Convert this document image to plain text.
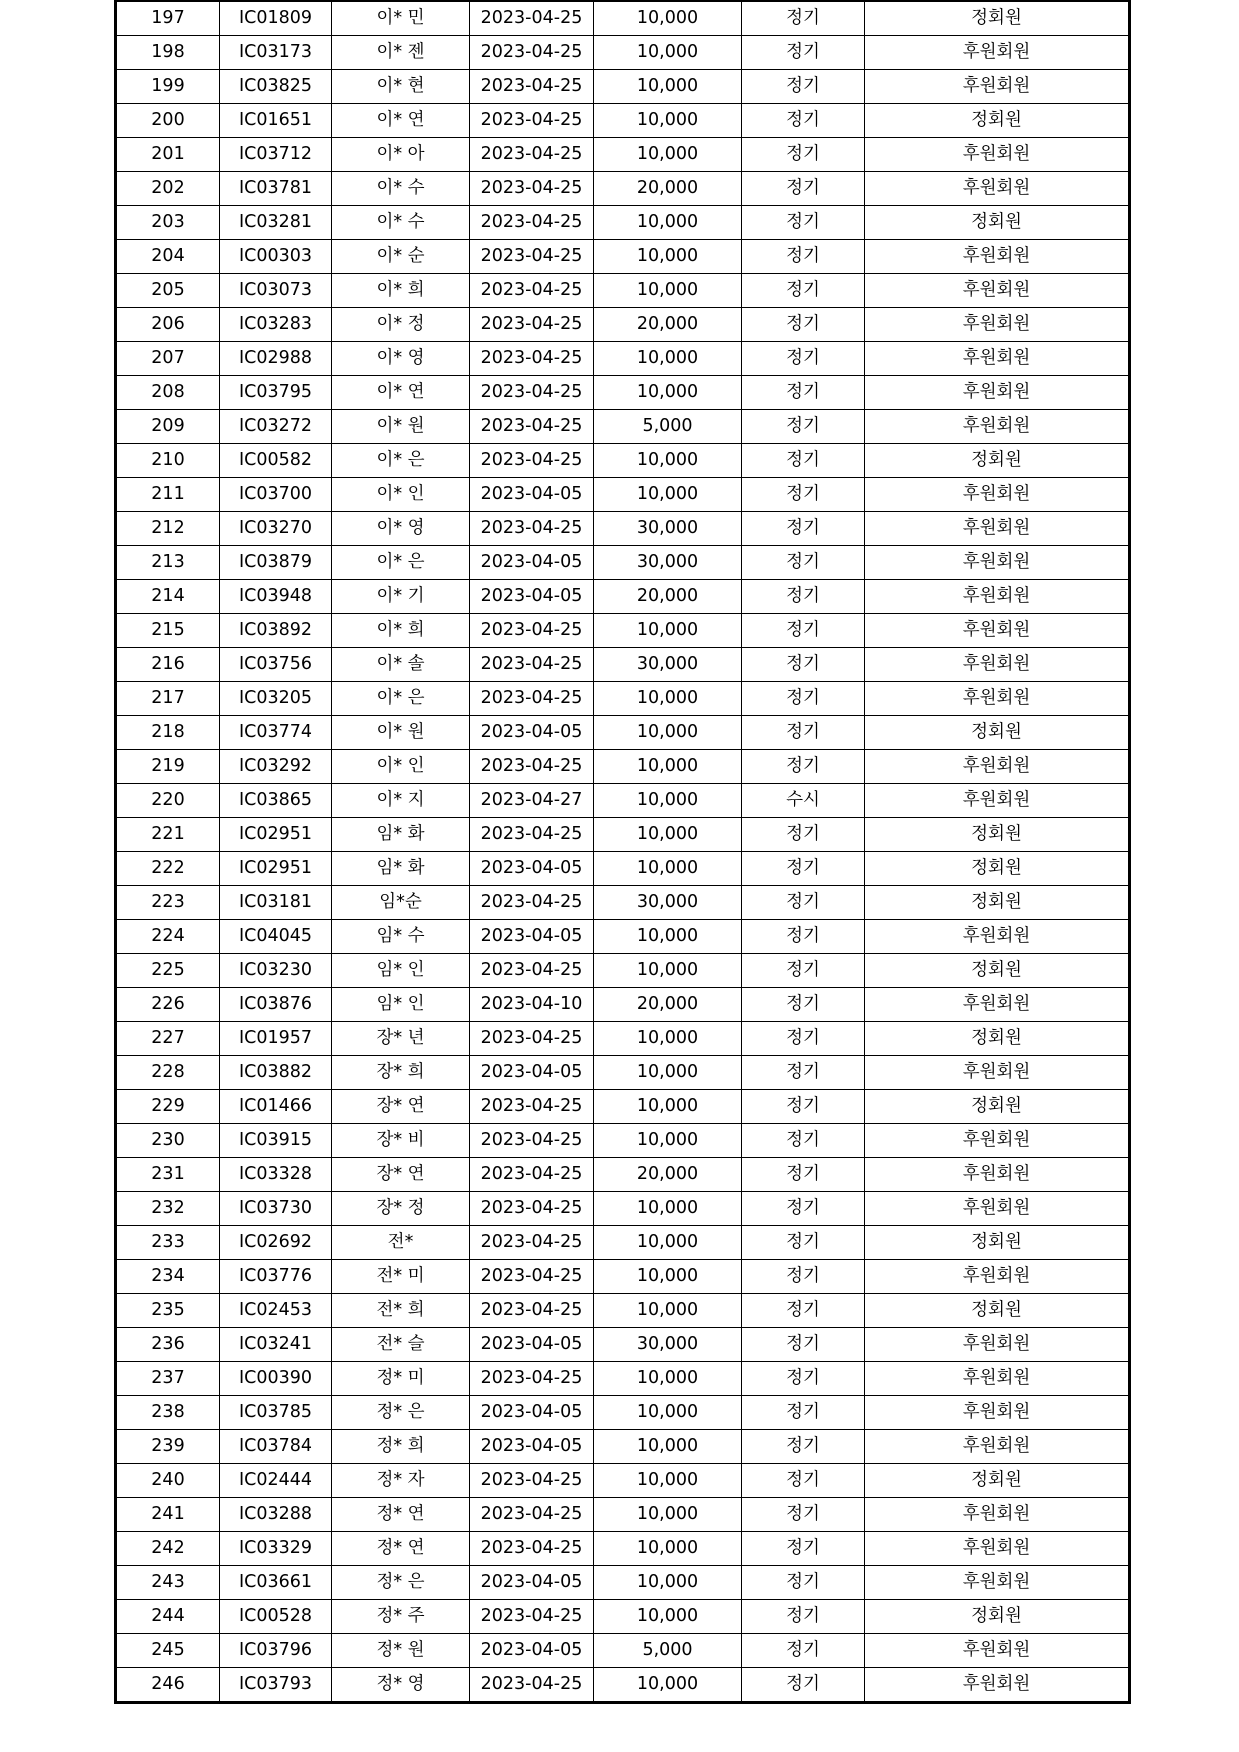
197	IC01809	이* 민	2023-04-25	10,000	정기	정회원
198	IC03173	이* 젠	2023-04-25	10,000	정기	후원회원
199	IC03825	이* 현	2023-04-25	10,000	정기	후원회원
200	IC01651	이* 연	2023-04-25	10,000	정기	정회원
201	IC03712	이* 아	2023-04-25	10,000	정기	후원회원
202	IC03781	이* 수	2023-04-25	20,000	정기	후원회원
203	IC03281	이* 수	2023-04-25	10,000	정기	정회원
204	IC00303	이* 순	2023-04-25	10,000	정기	후원회원
205	IC03073	이* 희	2023-04-25	10,000	정기	후원회원
206	IC03283	이* 정	2023-04-25	20,000	정기	후원회원
207	IC02988	이* 영	2023-04-25	10,000	정기	후원회원
208	IC03795	이* 연	2023-04-25	10,000	정기	후원회원
209	IC03272	이* 원	2023-04-25	5,000	정기	후원회원
210	IC00582	이* 은	2023-04-25	10,000	정기	정회원
211	IC03700	이* 인	2023-04-05	10,000	정기	후원회원
212	IC03270	이* 영	2023-04-25	30,000	정기	후원회원
213	IC03879	이* 은	2023-04-05	30,000	정기	후원회원
214	IC03948	이* 기	2023-04-05	20,000	정기	후원회원
215	IC03892	이* 희	2023-04-25	10,000	정기	후원회원
216	IC03756	이* 솔	2023-04-25	30,000	정기	후원회원
217	IC03205	이* 은	2023-04-25	10,000	정기	후원회원
218	IC03774	이* 원	2023-04-05	10,000	정기	정회원
219	IC03292	이* 인	2023-04-25	10,000	정기	후원회원
220	IC03865	이* 지	2023-04-27	10,000	수시	후원회원
221	IC02951	임* 화	2023-04-25	10,000	정기	정회원
222	IC02951	임* 화	2023-04-05	10,000	정기	정회원
223	IC03181	임*순	2023-04-25	30,000	정기	정회원
224	IC04045	임* 수	2023-04-05	10,000	정기	후원회원
225	IC03230	임* 인	2023-04-25	10,000	정기	정회원
226	IC03876	임* 인	2023-04-10	20,000	정기	후원회원
227	IC01957	장* 년	2023-04-25	10,000	정기	정회원
228	IC03882	장* 희	2023-04-05	10,000	정기	후원회원
229	IC01466	장* 연	2023-04-25	10,000	정기	정회원
230	IC03915	장* 비	2023-04-25	10,000	정기	후원회원
231	IC03328	장* 연	2023-04-25	20,000	정기	후원회원
232	IC03730	장* 정	2023-04-25	10,000	정기	후원회원
233	IC02692	전*	2023-04-25	10,000	정기	정회원
234	IC03776	전* 미	2023-04-25	10,000	정기	후원회원
235	IC02453	전* 희	2023-04-25	10,000	정기	정회원
236	IC03241	전* 슬	2023-04-05	30,000	정기	후원회원
237	IC00390	정* 미	2023-04-25	10,000	정기	후원회원
238	IC03785	정* 은	2023-04-05	10,000	정기	후원회원
239	IC03784	정* 희	2023-04-05	10,000	정기	후원회원
240	IC02444	정* 자	2023-04-25	10,000	정기	정회원
241	IC03288	정* 연	2023-04-25	10,000	정기	후원회원
242	IC03329	정* 연	2023-04-25	10,000	정기	후원회원
243	IC03661	정* 은	2023-04-05	10,000	정기	후원회원
244	IC00528	정* 주	2023-04-25	10,000	정기	정회원
245	IC03796	정* 원	2023-04-05	5,000	정기	후원회원
246	IC03793	정* 영	2023-04-25	10,000	정기	후원회원
